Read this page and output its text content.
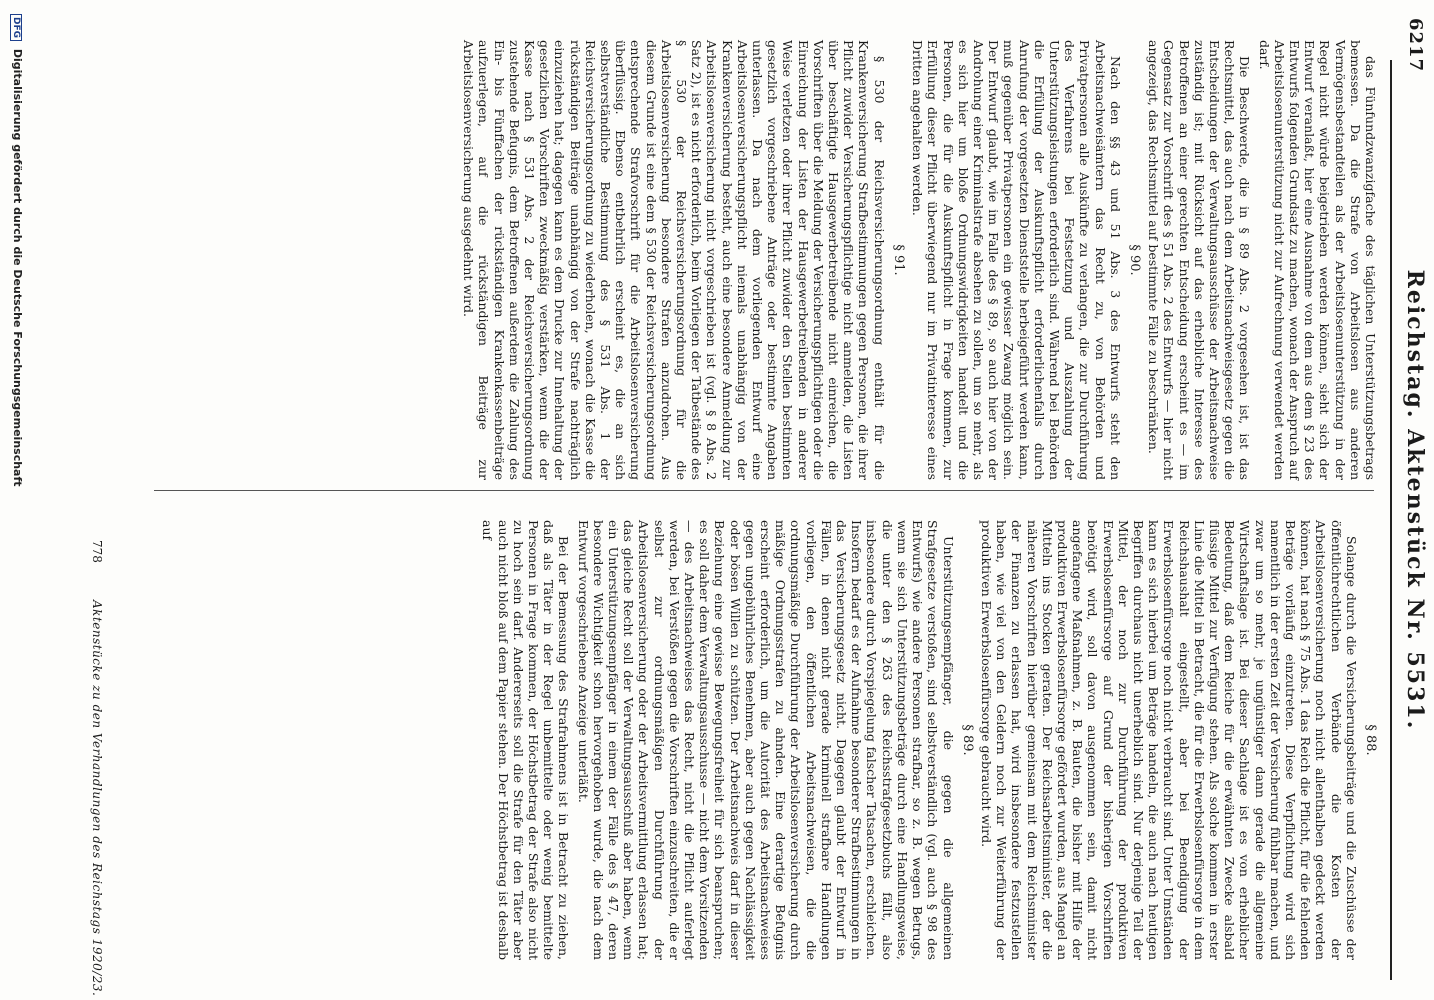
6217
Reichstag. Aktenstück Nr. 5531.

das Fünfundzwanzigfache des täglichen Unterstützungsbetrags bemessen. Da die Strafe von Arbeitslosen aus anderen Vermögensbestandteilen als der Arbeitslosenunterstützung in der Regel nicht würde beigetrieben werden können, sieht sich der Entwurf veranlaßt, hier eine Ausnahme von dem aus dem § 23 des Entwurfs folgenden Grundsatz zu machen, wonach der Anspruch auf Arbeitslosenunterstützung nicht zur Aufrechnung verwendet werden darf.

Die Beschwerde, die in § 89 Abs. 2 vorgesehen ist, ist das Rechtsmittel, das auch nach dem Arbeitsnachweisgesetz gegen die Entscheidungen der Verwaltungsausschüsse der Arbeitsnachweise zuständig ist; mit Rücksicht auf das erhebliche Interesse des Betroffenen an einer gerechten Entscheidung erscheint es — im Gegensatz zur Vorschrift des § 51 Abs. 2 des Entwurfs — hier nicht angezeigt, das Rechtsmittel auf bestimmte Fälle zu beschränken.

§ 90.

Nach den §§ 43 und 51 Abs. 3 des Entwurfs steht den Arbeitsnachweisämtern das Recht zu, von Behörden und Privatpersonen alle Auskünfte zu verlangen, die zur Durchführung des Verfahrens bei Festsetzung und Auszahlung der Unterstützungsleistungen erforderlich sind. Während bei Behörden die Erfüllung der Auskunftspflicht erforderlichenfalls durch Anrufung der vorgesetzten Dienststelle herbeigeführt werden kann, muß gegenüber Privatpersonen ein gewisser Zwang möglich sein. Der Entwurf glaubt, wie im Falle des § 89, so auch hier von der Androhung einer Kriminalstrafe absehen zu sollen, um so mehr, als es sich hier um bloße Ordnungswidrigkeiten handelt und die Personen, die für die Auskunftspflicht in Frage kommen, zur Erfüllung dieser Pflicht überwiegend nur im Privatinteresse eines Dritten angehalten werden.

§ 91.

§ 530 der Reichsversicherungsordnung enthält für die Krankenversicherung Strafbestimmungen gegen Personen, die ihrer Pflicht zuwider Versicherungspflichtige nicht anmelden, die Listen über beschäftigte Hausgewerbetreibende nicht einreichen, die Vorschriften über die Meldung der Versicherungspflichtigen oder die Einreichung der Listen der Hausgewerbetreibenden in anderer Weise verletzen oder ihrer Pflicht zuwider den Stellen bestimmten gesetzlich vorgeschriebene Anträge oder bestimmte Angaben unterlassen. Da nach dem vorliegenden Entwurf eine Arbeitslosenversicherungspflicht niemals unabhängig von der Krankenversicherung besteht, auch eine besondere Anmeldung zur Arbeitslosenversicherung nicht vorgeschrieben ist (vgl. § 8 Abs. 2 Satz 2), ist es nicht erforderlich, beim Vorliegen der Tatbestände des § 530 der Reichsversicherungsordnung für die Arbeitslosenversicherung besondere Strafen anzudrohen. Aus diesem Grunde ist eine dem § 530 der Reichsversicherungsordnung entsprechende Strafvorschrift für die Arbeitslosenversicherung überflüssig. Ebenso entbehrlich erscheint es, die an sich selbstverständliche Bestimmung des § 531 Abs. 1 der Reichsversicherungsordnung zu wiederholen, wonach die Kasse die rückständigen Beiträge unabhängig von der Strafe nachträglich einzuziehen hat; dagegen kann es dem Drucke zur Innehaltung der gesetzlichen Vorschriften zweckmäßig verstärken, wenn die der Kasse nach § 531 Abs. 2 der Reichsversicherungsordnung zustehende Befugnis, dem Betroffenen außerdem die Zahlung des Ein- bis Fünffachen der rückständigen Krankenkassenbeiträge aufzuerlegen, auf die rückständigen Beiträge zur Arbeitslosenversicherung ausgedehnt wird.

§ 88.

Solange durch die Versicherungsbeiträge und die Zuschüsse der öffentlichrechtlichen Verbände die Kosten der Arbeitslosenversicherung noch nicht allenthalben gedeckt werden können, hat nach § 75 Abs. 1 das Reich die Pflicht, für die fehlenden Beträge vorläufig einzutreten. Diese Verpflichtung wird sich namentlich in der ersten Zeit der Versicherung fühlbar machen, und zwar um so mehr, je ungünstiger dann gerade die allgemeine Wirtschaftslage ist. Bei dieser Sachlage ist es von erheblicher Bedeutung, daß dem Reiche für die erwähnten Zwecke alsbald flüssige Mittel zur Verfügung stehen. Als solche kommen in erster Linie die Mittel in Betracht, die für die Erwerbslosenfürsorge in dem Reichshaushalt eingestellt, aber bei Beendigung der Erwerbslosenfürsorge noch nicht verbraucht sind. Unter Umständen kann es sich hierbei um Beträge handeln, die auch nach heutigen Begriffen durchaus nicht unerheblich sind. Nur derjenige Teil der Mittel, der noch zur Durchführung der produktiven Erwerbslosenfürsorge auf Grund der bisherigen Vorschriften benötigt wird, soll davon ausgenommen sein, damit nicht angefangene Maßnahmen, z. B. Bauten, die bisher mit Hilfe der produktiven Erwerbslosenfürsorge gefördert wurden, aus Mangel an Mitteln ins Stocken geraten. Der Reichsarbeitsminister, der die näheren Vorschriften hierüber gemeinsam mit dem Reichsminister der Finanzen zu erlassen hat, wird insbesondere festzustellen haben, wie viel von den Geldern noch zur Weiterführung der produktiven Erwerbslosenfürsorge gebraucht wird.

§ 89.

Unterstützungsempfänger, die gegen die allgemeinen Strafgesetze verstoßen, sind selbstverständlich (vgl. auch § 98 des Entwurfs) wie andere Personen strafbar, so z. B. wegen Betrugs, wenn sie sich Unterstützungsbeträge durch eine Handlungsweise, die unter den § 263 des Reichsstrafgesetzbuchs fällt, also insbesondere durch Vorspiegelung falscher Tatsachen, erschleichen. Insofern bedarf es der Aufnahme besonderer Strafbestimmungen in das Versicherungsgesetz nicht. Dagegen glaubt der Entwurf in Fällen, in denen nicht gerade kriminell strafbare Handlungen vorliegen, den öffentlichen Arbeitsnachweisen, die die ordnungsmäßige Durchführung der Arbeitslosenversicherung durch mäßige Ordnungsstrafen zu ahnden. Eine derartige Befugnis erscheint erforderlich, um die Autorität des Arbeitsnachweises gegen ungebührliches Benehmen, aber auch gegen Nachlässigkeit oder bösen Willen zu schützen. Der Arbeitsnachweis darf in dieser Beziehung eine gewisse Bewegungsfreiheit für sich beanspruchen; es soll daher dem Verwaltungsausschusse — nicht dem Vorsitzenden — des Arbeitsnachweises das Recht, nicht die Pflicht auferlegt werden, bei Verstößen gegen die Vorschriften einzuschreiten, die er selbst zur ordnungsmäßigen Durchführung der Arbeitslosenversicherung oder der Arbeitsvermittlung erlassen hat; das gleiche Recht soll der Verwaltungsausschuß aber haben, wenn ein Unterstützungsempfänger in einem der Fälle des § 47, deren besondere Wichtigkeit schon hervorgehoben wurde, die nach dem Entwurf vorgeschriebene Anzeige unterläßt.

Bei der Bemessung des Strafrahmens ist in Betracht zu ziehen, daß als Täter in der Regel unbemittelte oder wenig bemittelte Personen in Frage kommen, der Höchstbetrag der Strafe also nicht zu hoch sein darf. Andererseits soll die Strafe für den Täter aber auch nicht bloß auf dem Papier stehen. Der Höchstbetrag ist deshalb auf

778
Aktenstücke zu den Verhandlungen des Reichstags 1920/23.
DFG Digitalisierung gefördert durch die Deutsche Forschungsgemeinschaft
